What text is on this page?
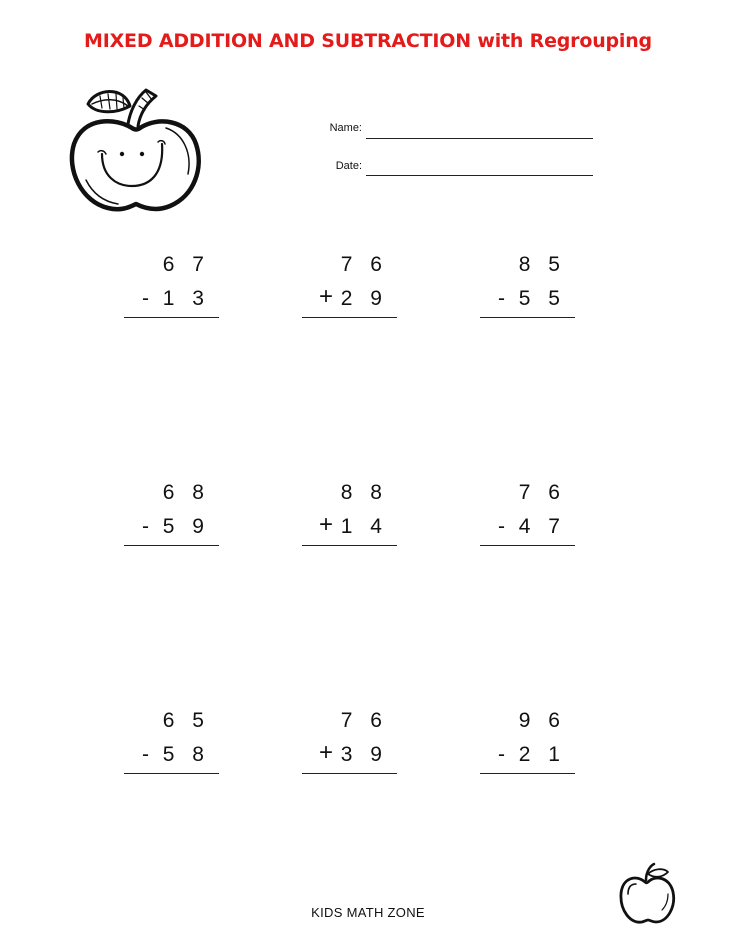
MIXED ADDITION AND SUBTRACTION with Regrouping
Name:
Date:
6 7
- 1 3
7 6
+ 2 9
8 5
- 5 5
6 8
- 5 9
8 8
+ 1 4
7 6
- 4 7
6 5
- 5 8
7 6
+ 3 9
9 6
- 2 1
KIDS MATH ZONE
